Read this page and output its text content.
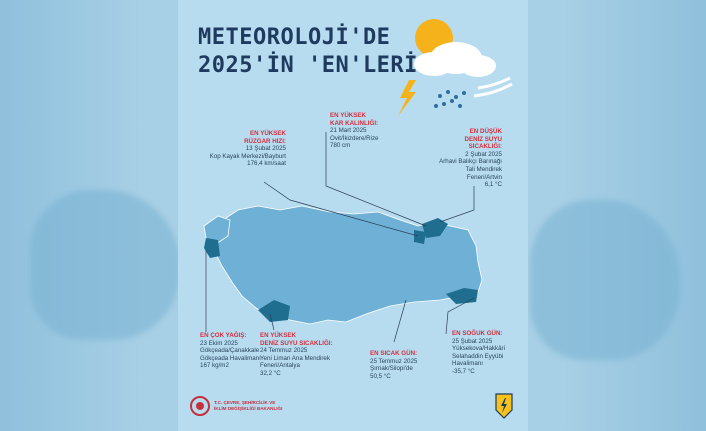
METEOROLOJİ'DE
2025'İN 'EN'LERİ
EN YÜKSEK
RÜZGAR HIZI:
13 Şubat 2025
Kop Kayak Merkezi/Bayburt
176,4 km/saat
EN YÜKSEK
KAR KALINLIĞI:
21 Mart 2025
Ovit/İkizdere/Rize
780 cm
EN DÜŞÜK
DENİZ SUYU
SICAKLIĞI:
2 Şubat 2025
Arhavi Balıkçı Barınağı
Tali Mendirek
Feneri/Artvin
6,1 °C
EN ÇOK YAĞIŞ:
23 Ekim 2025
Gökçeada/Çanakkale
Gökçeada Havalimanı
167 kg/m2
EN YÜKSEK
DENİZ SUYU SICAKLIĞI:
24 Temmuz 2025
Yeni Liman Ana Mendirek
Feneri/Antalya
32,2 °C
EN SICAK GÜN:
25 Temmuz 2025
Şırnak/Silopi'de
50,5 °C
EN SOĞUK GÜN:
25 Şubat 2025
Yüksekova/Hakkâri
Selahaddin Eyyübi
Havalimanı
-35,7 °C
T.C. ÇEVRE, ŞEHİRCİLİK VE
İKLİM DEĞİŞİKLİĞİ BAKANLIĞI
